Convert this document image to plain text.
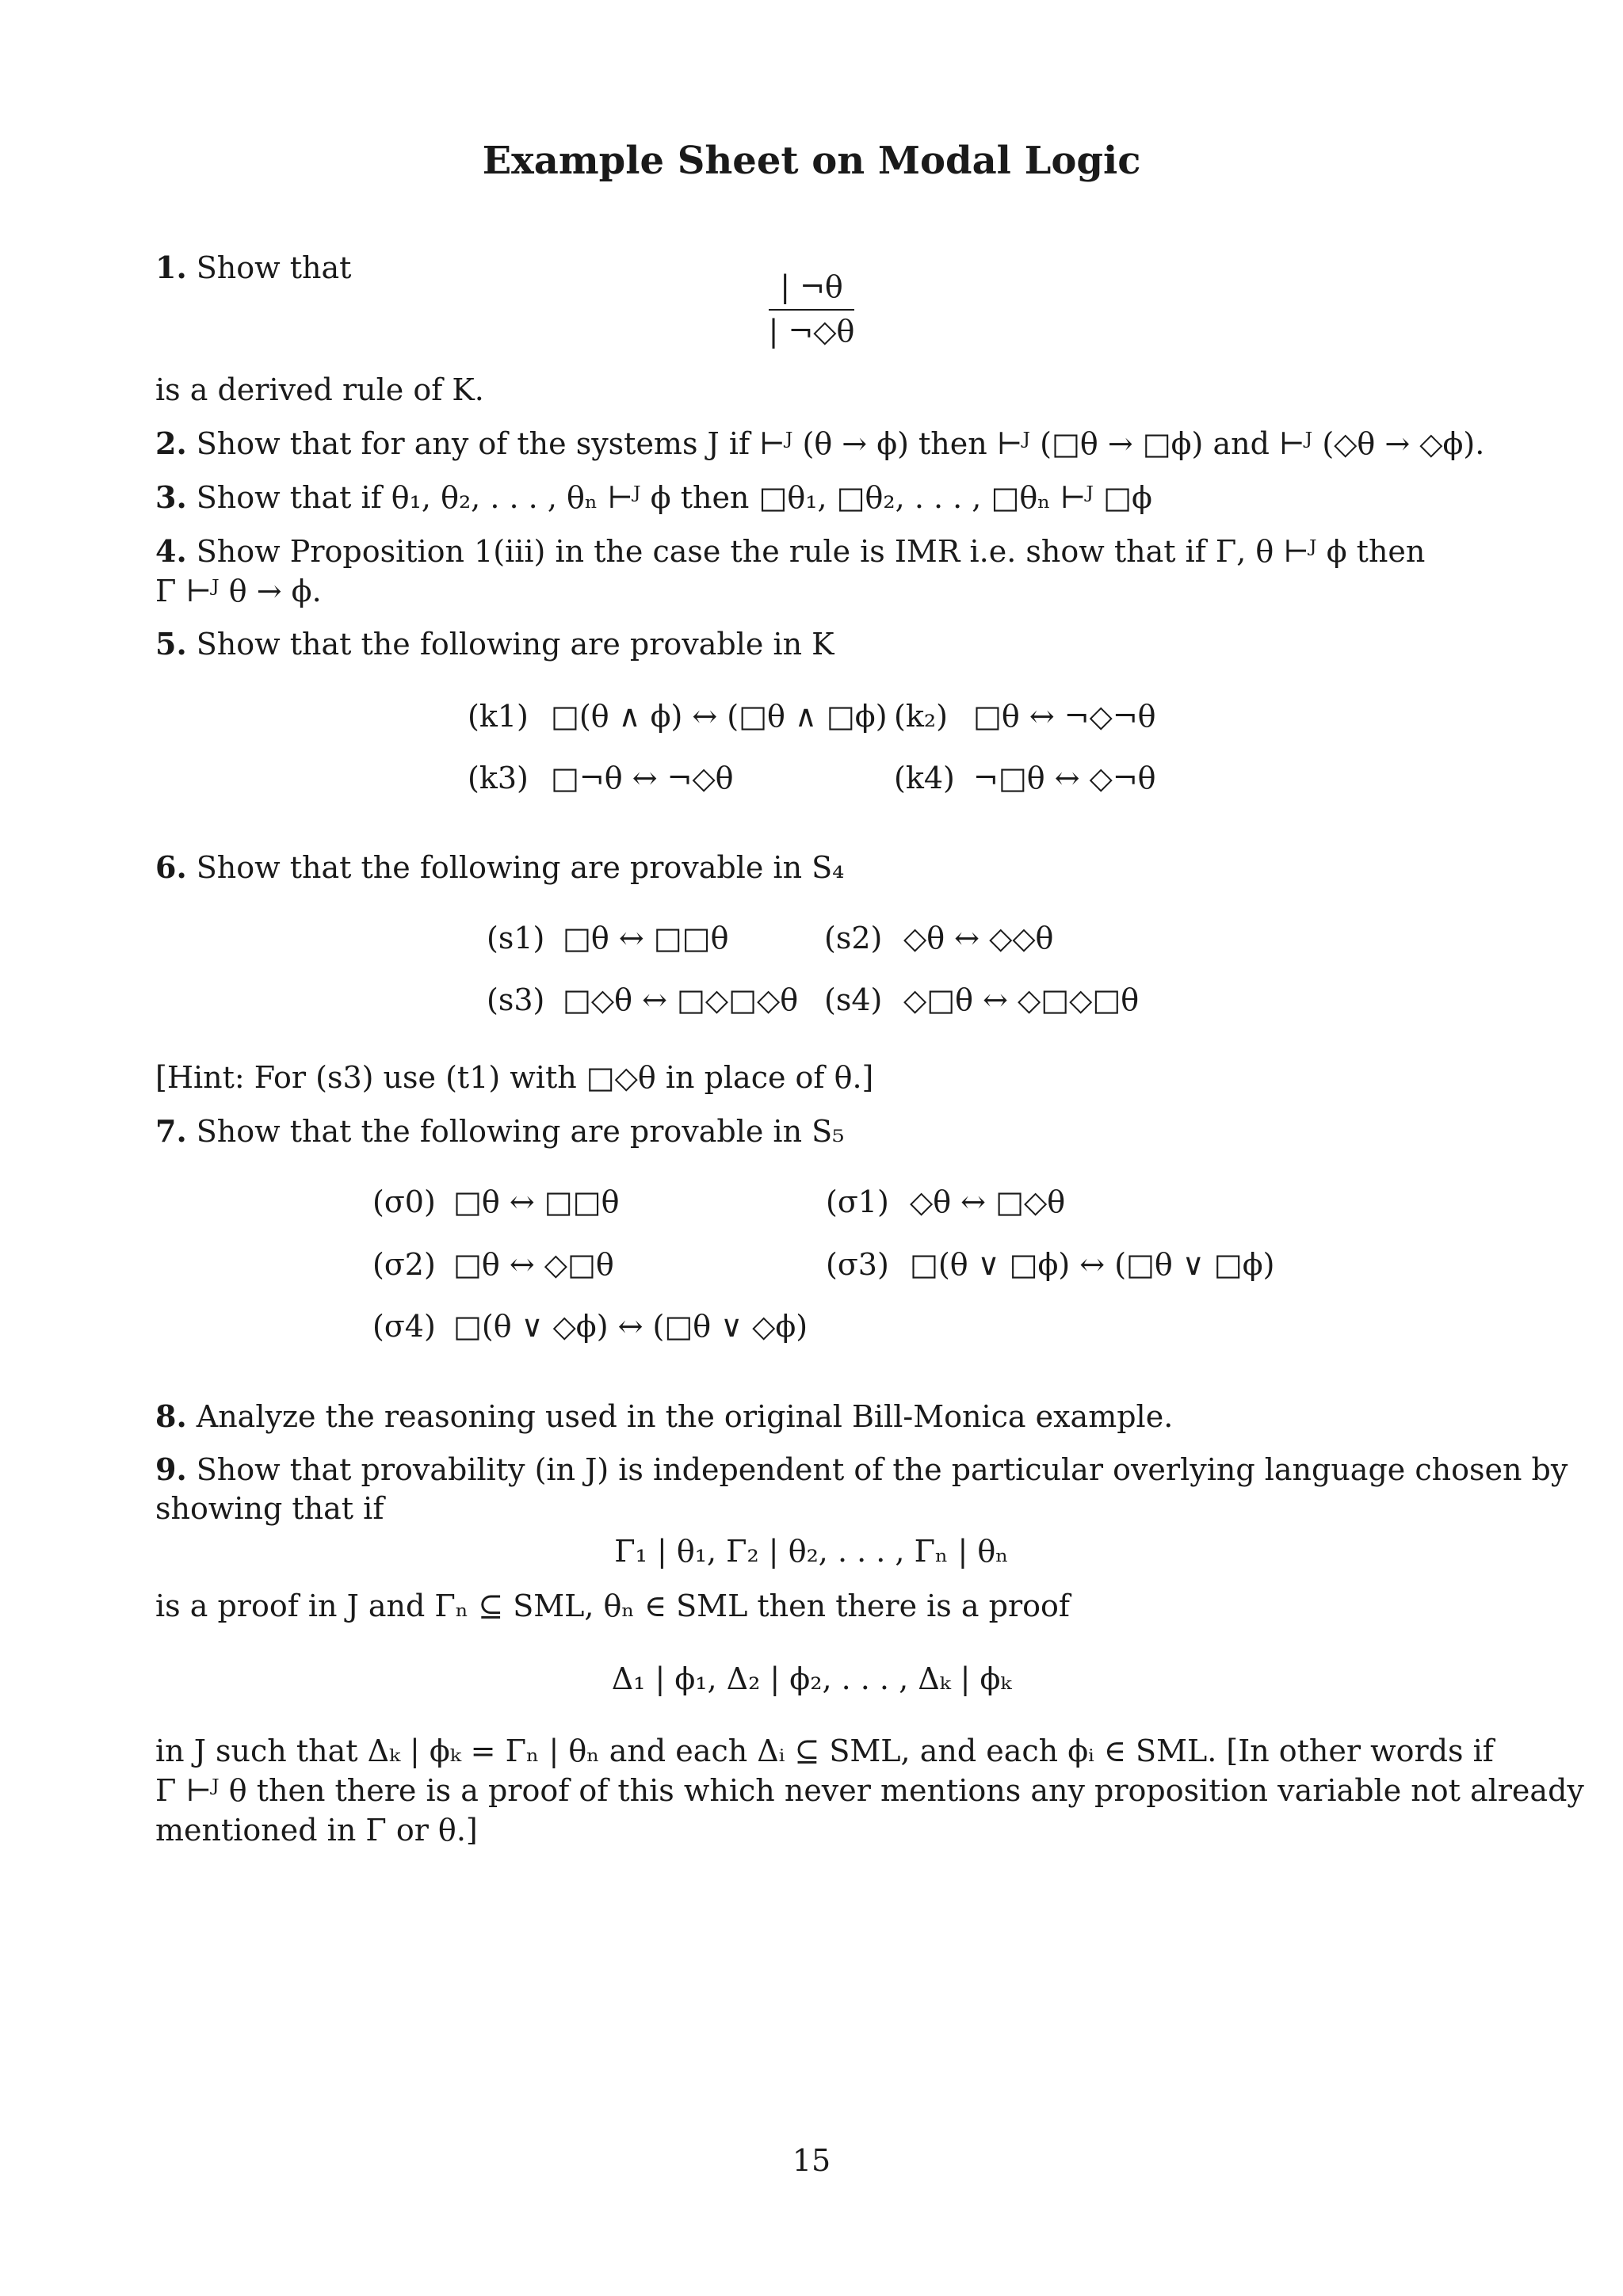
Example Sheet on Modal Logic
1. Show that
$\frac{| \neg\theta}{| \neg◇\theta}$
is a derived rule of K.
2. Show that for any of the systems J if ⊢ᴶ (θ → ϕ) then ⊢ᴶ (□θ → □ϕ) and ⊢ᴶ (◇θ → ◇ϕ).
3. Show that if θ₁, θ₂, . . . , θₙ ⊢ᴶ ϕ then □θ₁, □θ₂, . . . , □θₙ ⊢ᴶ □ϕ
4. Show Proposition 1(iii) in the case the rule is IMR i.e. show that if Γ, θ ⊢ᴶ ϕ then
Γ ⊢ᴶ θ → ϕ.
5. Show that the following are provable in K
(k1) □(θ ∧ ϕ) ↔ (□θ ∧ □ϕ) (k₂) □θ ↔ ¬◇¬θ
(k3) □¬θ ↔ ¬◇θ	(k4) ¬□θ ↔ ◇¬θ
6. Show that the following are provable in S₄
(s1) □θ ↔ □□θ	(s2) ◇θ ↔ ◇◇θ
(s3) □◇θ ↔ □◇□◇θ (s4) ◇□θ ↔ ◇□◇□θ
[Hint: For (s3) use (t1) with □◇θ in place of θ.]
7. Show that the following are provable in S₅
(σ0) □θ ↔ □□θ	(σ1) ◇θ ↔ □◇θ
(σ2) □θ ↔ ◇□θ	(σ3) □(θ ∨ □ϕ) ↔ (□θ ∨ □ϕ)
(σ4) □(θ ∨ ◇ϕ) ↔ (□θ ∨ ◇ϕ)
8. Analyze the reasoning used in the original Bill-Monica example.
9. Show that provability (in J) is independent of the particular overlying language chosen by
showing that if
Γ₁ | θ₁, Γ₂ | θ₂, . . . , Γₙ | θₙ
is a proof in J and Γₙ ⊆ SML, θₙ ∈ SML then there is a proof
Δ₁ | ϕ₁, Δ₂ | ϕ₂, . . . , Δₖ | ϕₖ
in J such that Δₖ | ϕₖ = Γₙ | θₙ and each Δᵢ ⊆ SML, and each ϕᵢ ∈ SML. [In other words if
Γ ⊢ᴶ θ then there is a proof of this which never mentions any proposition variable not already
mentioned in Γ or θ.]
15
